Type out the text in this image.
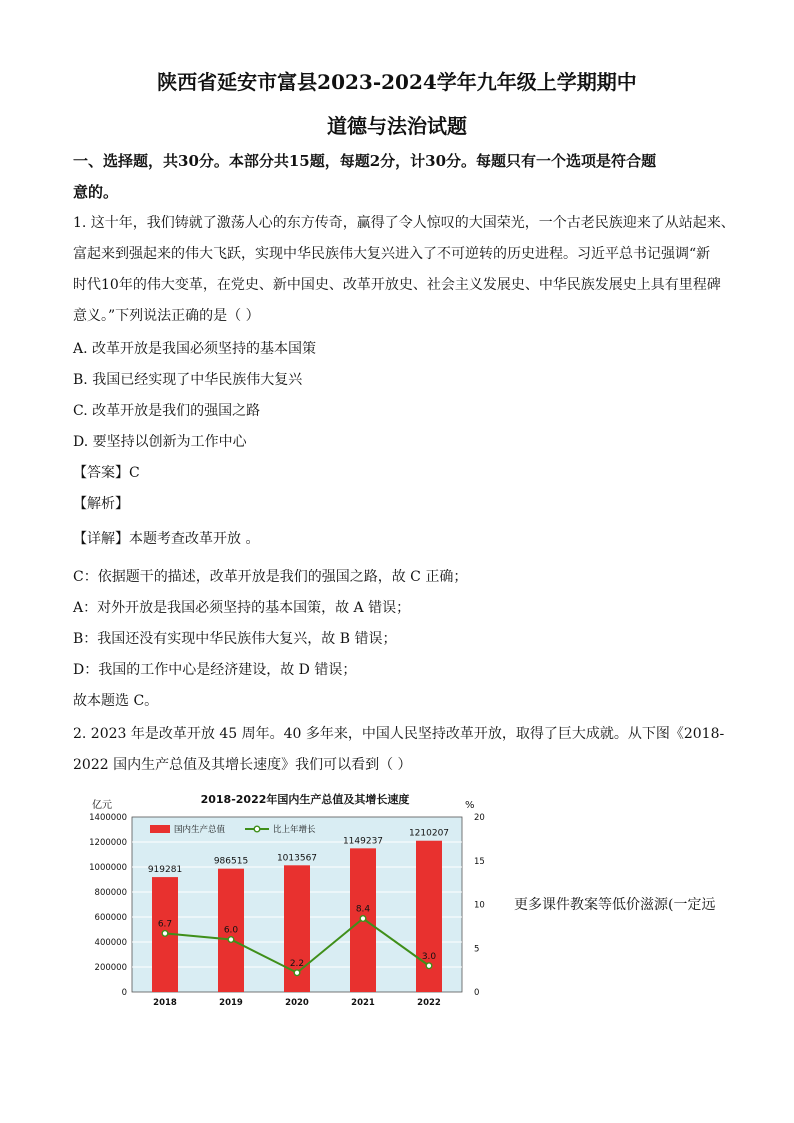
陕西省延安市富县2023-2024学年九年级上学期期中
道德与法治试题
一、选择题，共30分。本部分共15题，每题2分，计30分。每题只有一个选项是符合题
意的。
1. 这十年，我们铸就了激荡人心的东方传奇，赢得了令人惊叹的大国荣光，一个古老民族迎来了从站起来、
富起来到强起来的伟大飞跃，实现中华民族伟大复兴进入了不可逆转的历史进程。习近平总书记强调“新
时代10年的伟大变革，在党史、新中国史、改革开放史、社会主义发展史、中华民族发展史上具有里程碑
意义。”下列说法正确的是（ ）
A. 改革开放是我国必须坚持的基本国策
B. 我国已经实现了中华民族伟大复兴
C. 改革开放是我们的强国之路
D. 要坚持以创新为工作中心
【答案】C
【解析】
【详解】本题考查改革开放 。
C：依据题干的描述，改革开放是我们的强国之路，故 C 正确；
A：对外开放是我国必须坚持的基本国策，故 A 错误；
B：我国还没有实现中华民族伟大复兴，故 B 错误；
D：我国的工作中心是经济建设，故 D 错误；
故本题选 C。
2. 2023 年是改革开放 45 周年。40 多年来，中国人民坚持改革开放，取得了巨大成就。从下图《2018-
2022 国内生产总值及其增长速度》我们可以看到（ ）
2018-2022年国内生产总值及其增长速度
亿元	%
0
200000
400000
600000
800000
1000000
1200000
1400000
0
5
10
15
20
919281
2018
986515
2019
1013567
2020
1149237
2021
1210207
2022
6.7
6.0
2.2
8.4
3.0
国内生产总值	比上年增长
更多课件教案等低价滋源(一定远
